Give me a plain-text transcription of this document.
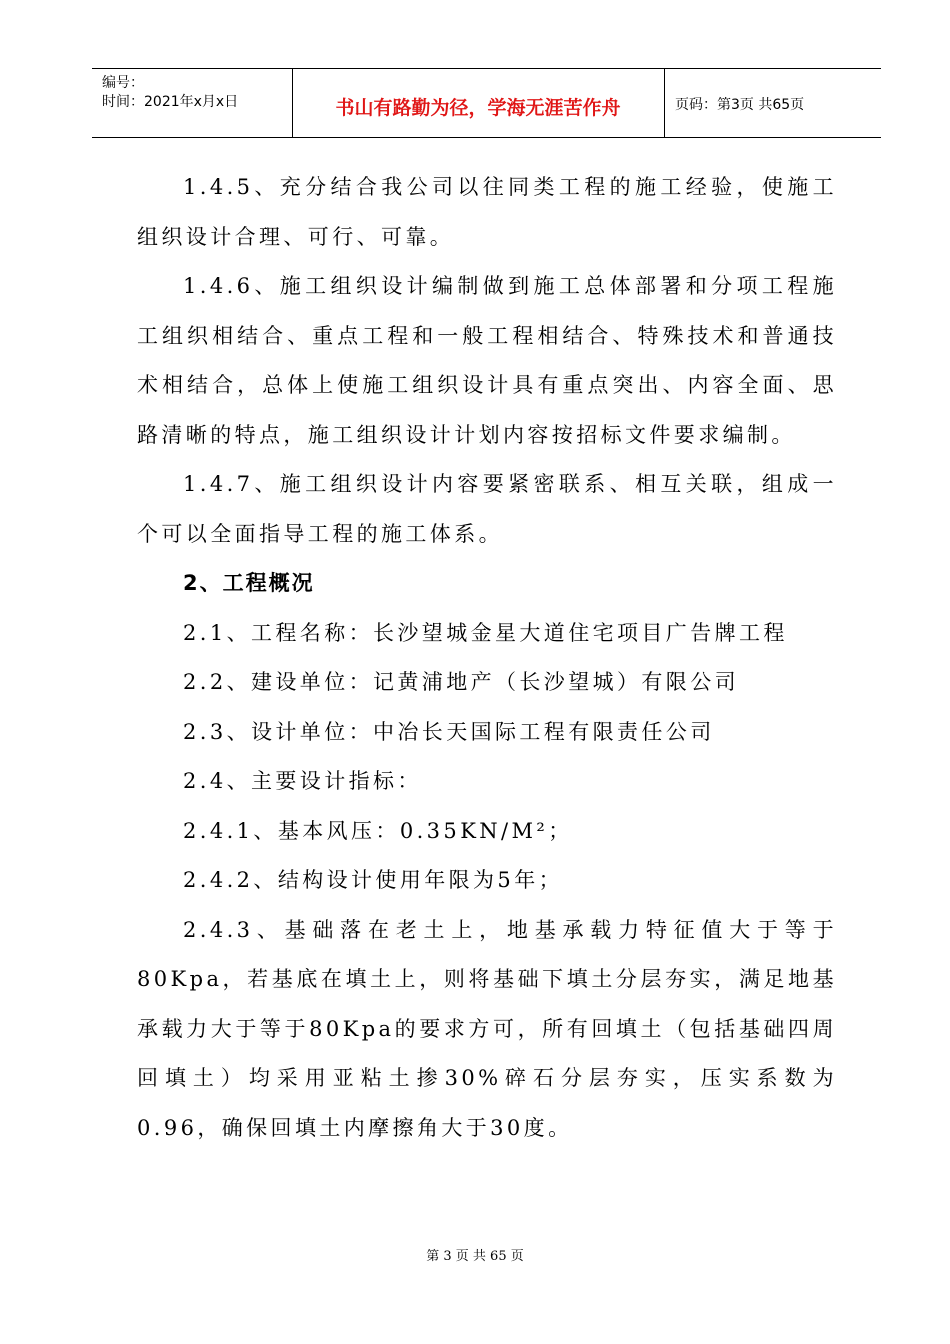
编号：
时间：2021年x月x日	书山有路勤为径，学海无涯苦作舟	页码：第3页 共65页

1.4.5、充分结合我公司以往同类工程的施工经验，使施工组织设计合理、可行、可靠。

1.4.6、施工组织设计编制做到施工总体部署和分项工程施工组织相结合、重点工程和一般工程相结合、特殊技术和普通技术相结合，总体上使施工组织设计具有重点突出、内容全面、思路清晰的特点，施工组织设计计划内容按招标文件要求编制。

1.4.7、施工组织设计内容要紧密联系、相互关联，组成一个可以全面指导工程的施工体系。

2、工程概况

2.1、工程名称：长沙望城金星大道住宅项目广告牌工程

2.2、建设单位：记黄浦地产（长沙望城）有限公司

2.3、设计单位：中冶长天国际工程有限责任公司

2.4、主要设计指标：

2.4.1、基本风压：0.35KN/M²；

2.4.2、结构设计使用年限为5年；

2.4.3、基础落在老土上，地基承载力特征值大于等于80Kpa，若基底在填土上，则将基础下填土分层夯实，满足地基承载力大于等于80Kpa的要求方可，所有回填土（包括基础四周回填土）均采用亚粘土掺30%碎石分层夯实，压实系数为0.96，确保回填土内摩擦角大于30度。

第 3 页 共 65 页
